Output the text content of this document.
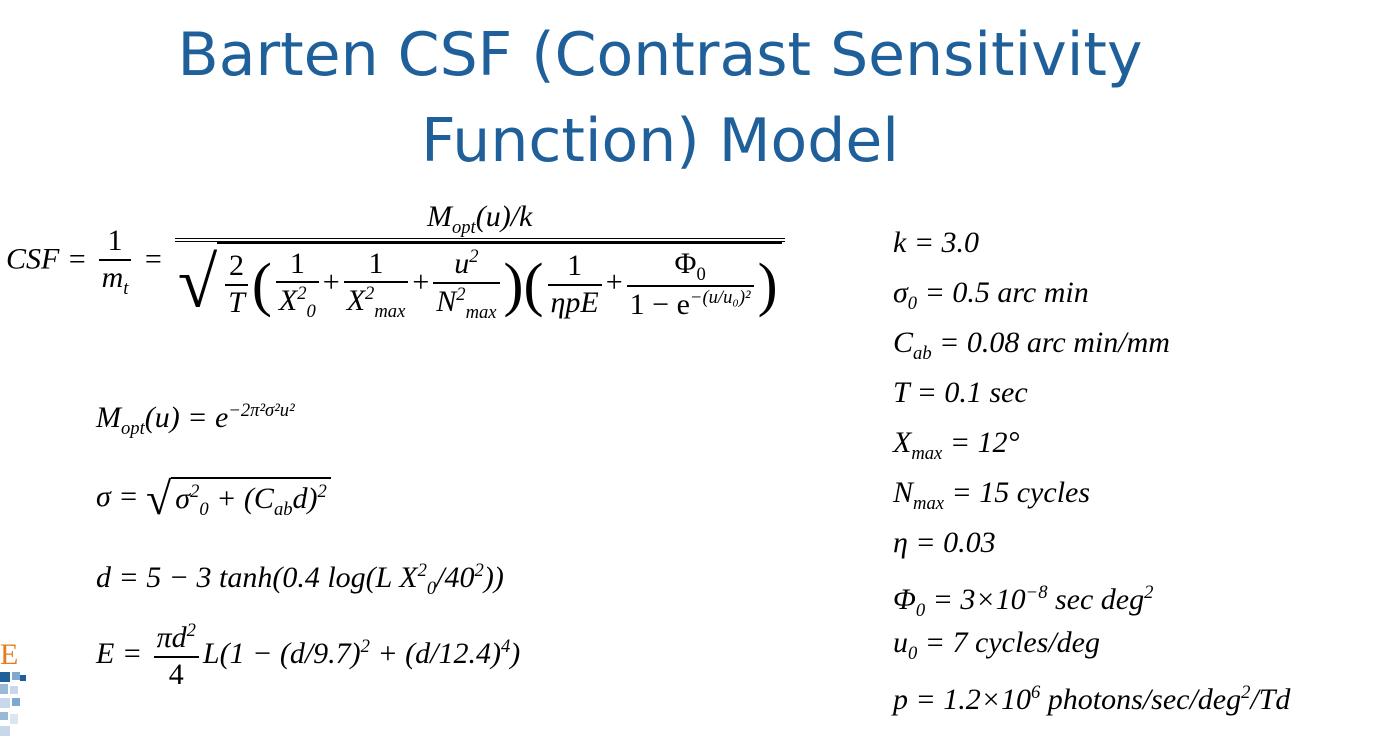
Barten CSF (Contrast Sensitivity
Function) Model
CSF = $\frac{1}{m_t} = \frac{M_{opt}(u)/k}{√ \frac{2}{T} ( \frac{1}{X^2_0} + \frac{1}{X^2_{max}} + \frac{u^2}{N^2_{max}} )( \frac{1}{\text{ηpE}} + \frac{\Phi_0}{1 - e^{-(u/u_0)^2}} )}$
$M_{opt}(u) = e^{-2\pi^2\sigma^2u^2}$
σ = √ $\sigma^2_0 + (C_{ab}d)^2$
d = 5 − 3 tanh(0.4 log(L $X^2_0/40^2$))
$E = \frac{\pi d^2}{4} L(1 - (d/9.7)^2 + (d/12.4)^4)$
k = 3.0
$\sigma_0 = 0.5$ arc min
$C_{ab} = 0.08$ arc min/mm
T = 0.1 sec
$X_{max} = 12^\circ$
$N_{max} = 15$ cycles
η = 0.03
$\Phi_0 = 3\times 10^{-8}$ sec deg$^2$
$u_0 = 7$ cycles/deg
$p = 1.2\times 10^6$ photons/sec/deg$^2$/Td
E
